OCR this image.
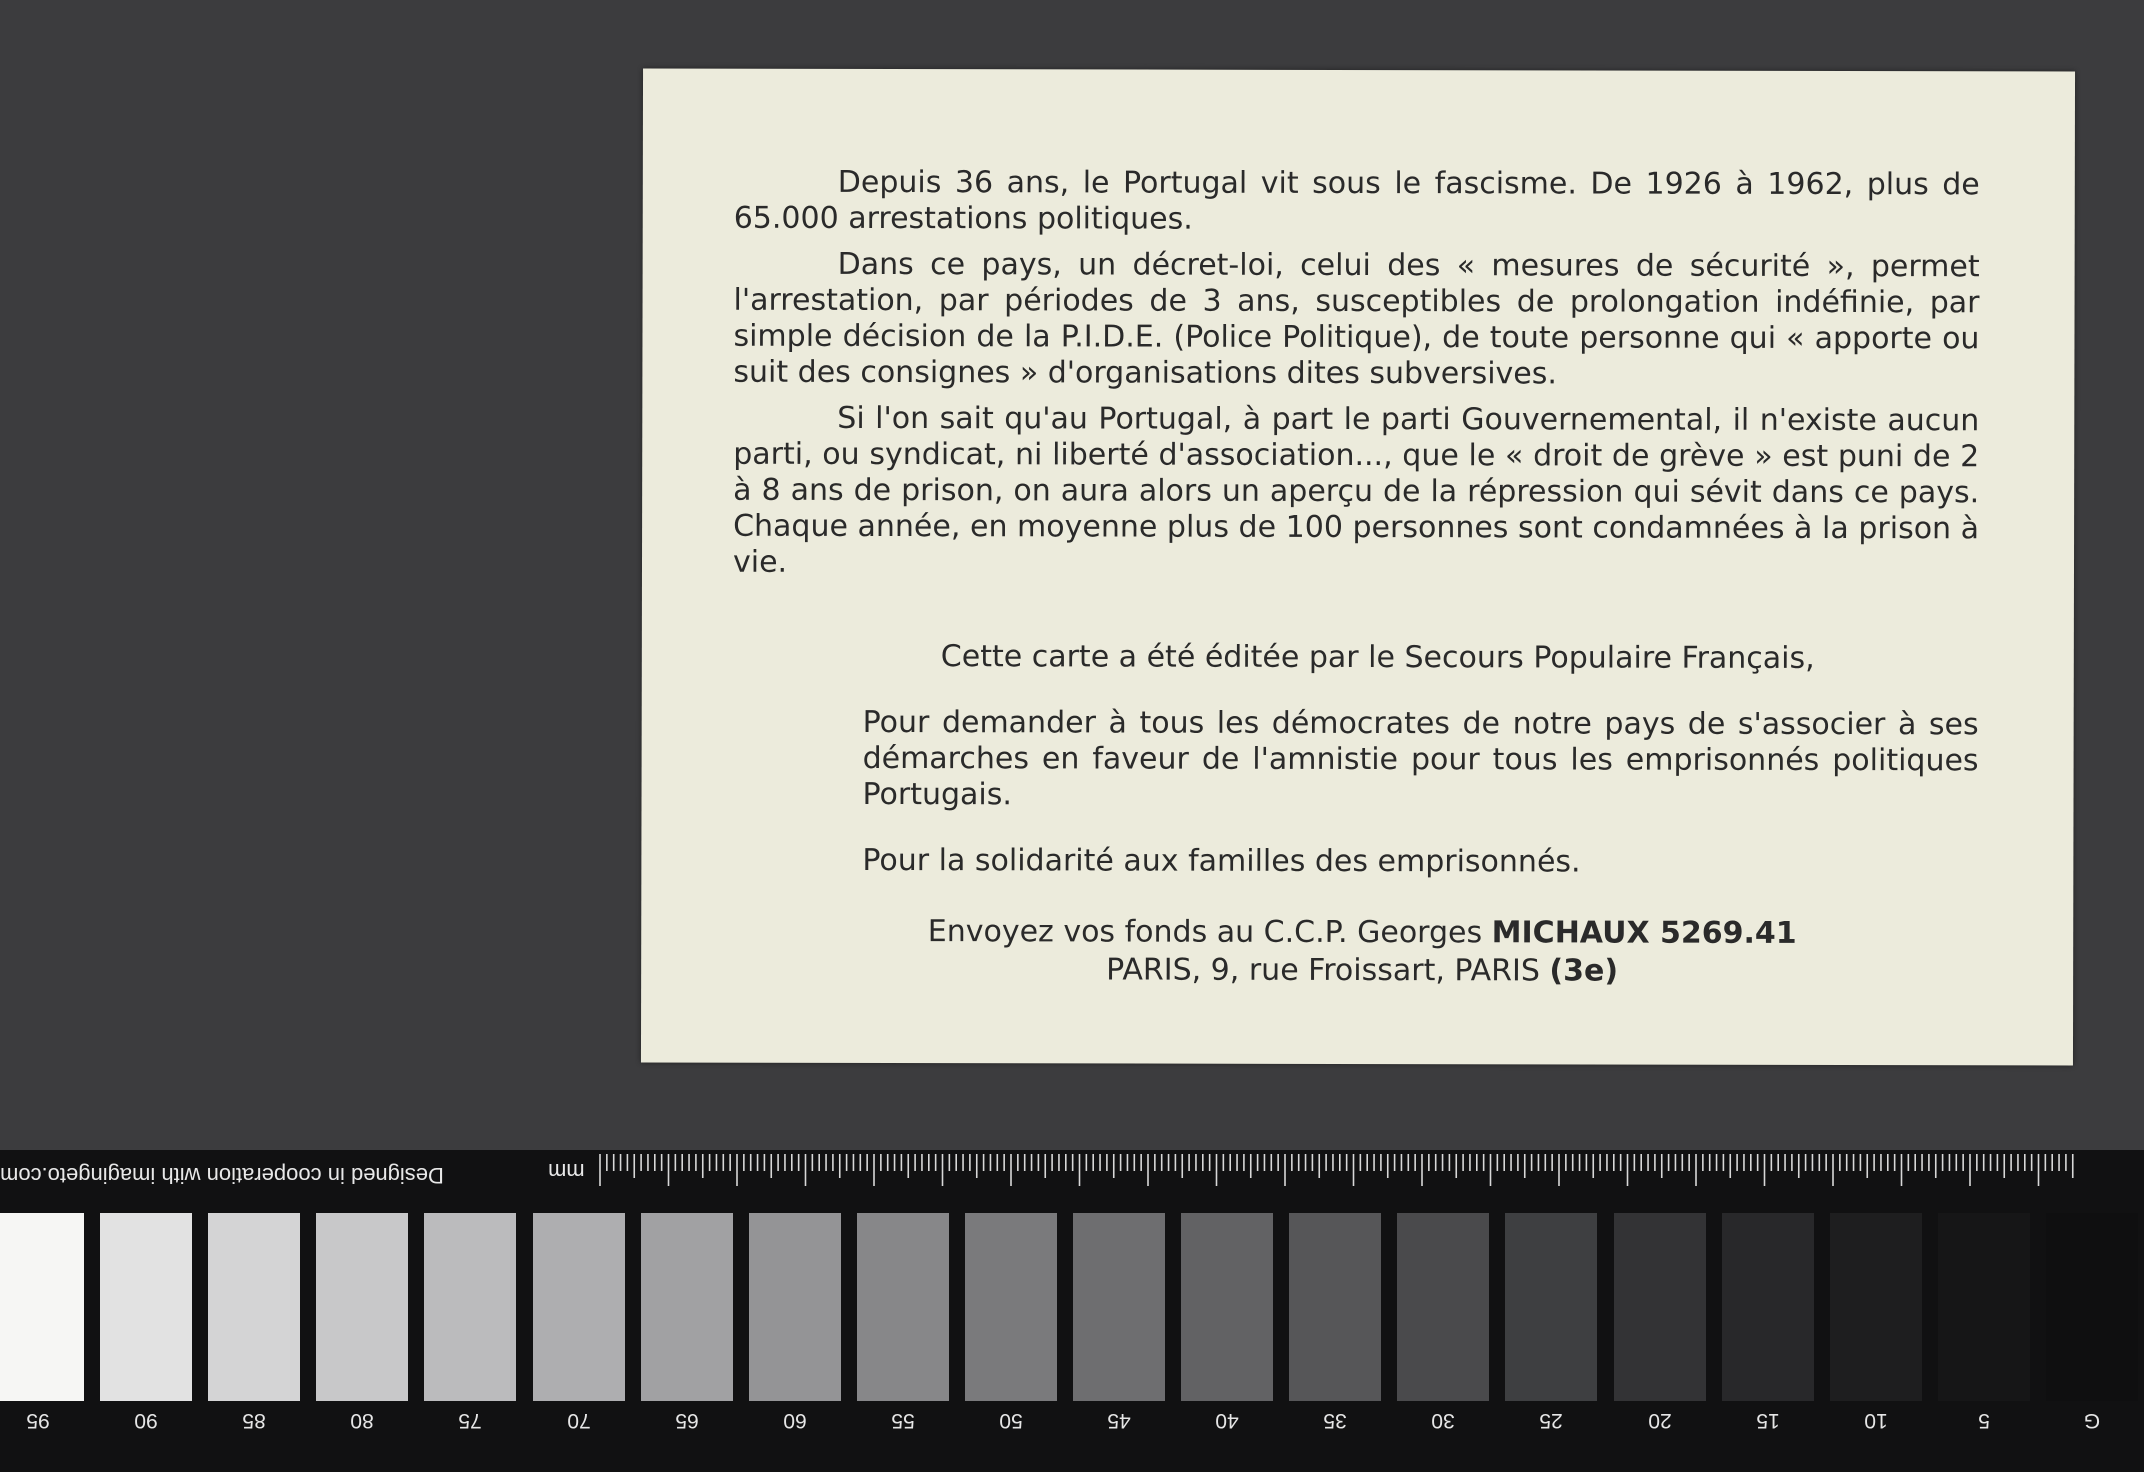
Depuis 36 ans, le Portugal vit sous le fascisme. De 1926 à 1962, plus de 65.000 arrestations politiques.

Dans ce pays, un décret-loi, celui des « mesures de sécurité », permet l'arrestation, par périodes de 3 ans, susceptibles de prolongation indéfinie, par simple décision de la P.I.D.E. (Police Politique), de toute personne qui « apporte ou suit des consignes » d'organisations dites subversives.

Si l'on sait qu'au Portugal, à part le parti Gouvernemental, il n'existe aucun parti, ou syndicat, ni liberté d'association..., que le « droit de grève » est puni de 2 à 8 ans de prison, on aura alors un aperçu de la répression qui sévit dans ce pays. Chaque année, en moyenne plus de 100 personnes sont condamnées à la prison à vie.

Cette carte a été éditée par le Secours Populaire Français,

Pour demander à tous les démocrates de notre pays de s'associer à ses démarches en faveur de l'amnistie pour tous les emprisonnés politiques Portugais.

Pour la solidarité aux familles des emprisonnés.

Envoyez vos fonds au C.C.P. Georges MICHAUX 5269.41
PARIS, 9, rue Froissart, PARIS (3e)
Designed in cooperation with imagingeto.com	mm
95	90	85	80	75	70	65	60	55	50	45	40	35	30	25	20	15	10	5	G
